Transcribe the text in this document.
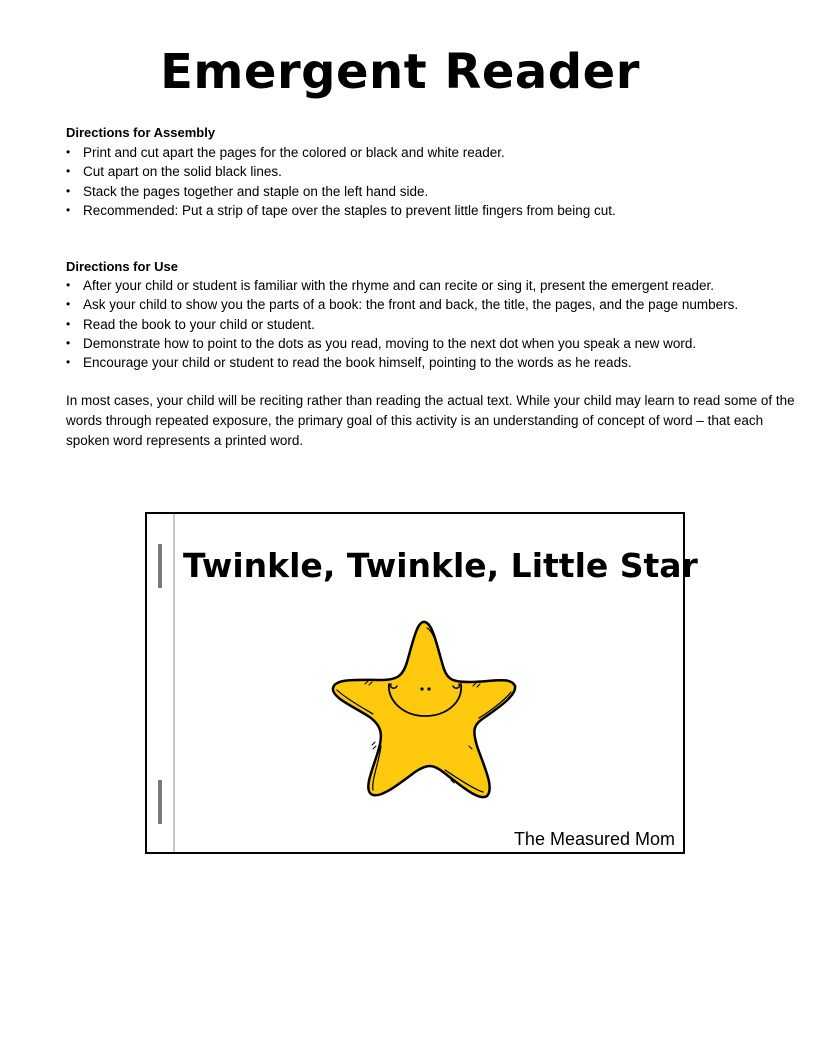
Emergent Reader
Directions for Assembly
• Print and cut apart the pages for the colored or black and white reader.
• Cut apart on the solid black lines.
• Stack the pages together and staple on the left hand side.
• Recommended: Put a strip of tape over the staples to prevent little fingers from being cut.
Directions for Use
• After your child or student is familiar with the rhyme and can recite or sing it, present the emergent reader.
• Ask your child to show you the parts of a book: the front and back, the title, the pages, and the page numbers.
• Read the book to your child or student.
• Demonstrate how to point to the dots as you read, moving to the next dot when you speak a new word.
• Encourage your child or student to read the book himself, pointing to the words as he reads.
In most cases, your child will be reciting rather than reading the actual text. While your child may learn to read some of the words through repeated exposure, the primary goal of this activity is an understanding of concept of word – that each spoken word represents a printed word.
Twinkle, Twinkle, Little Star
The Measured Mom
